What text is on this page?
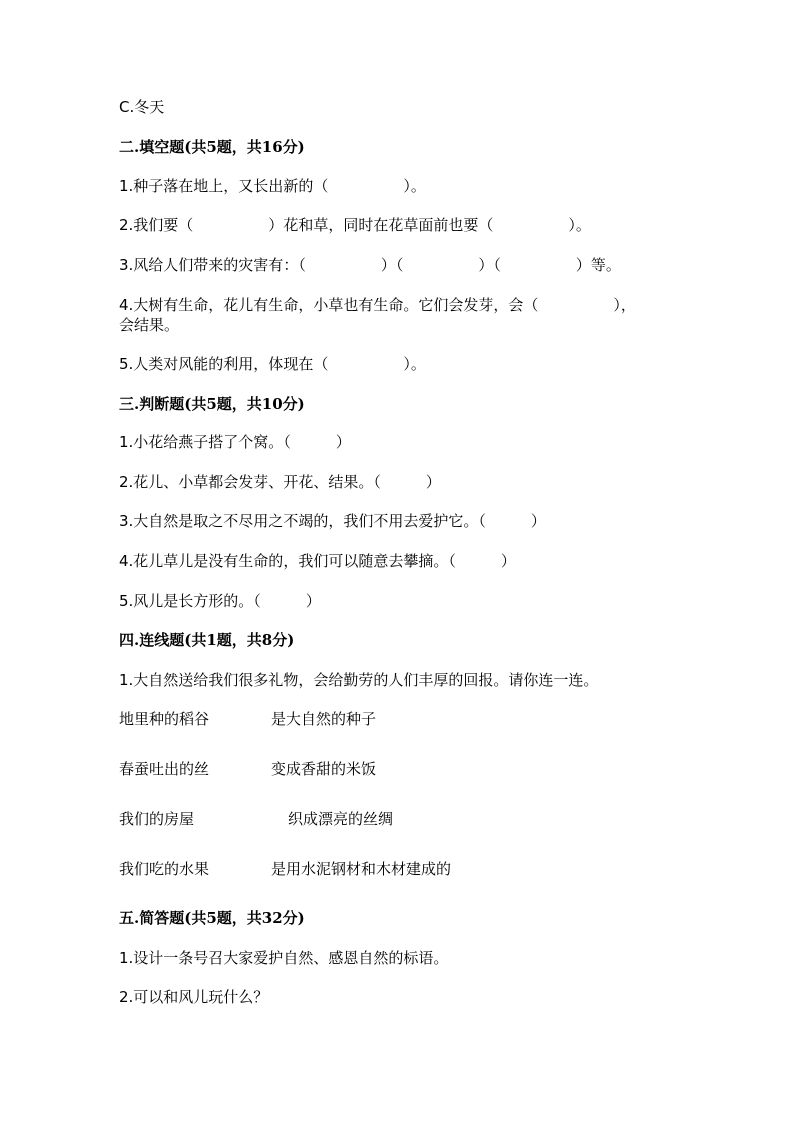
C.冬天
二.填空题(共5题，共16分)
1.种子落在地上，又长出新的（　　　　　）。
2.我们要（　　　　　）花和草，同时在花草面前也要（　　　　　）。
3.风给人们带来的灾害有：（　　　　　）（　　　　　）（　　　　　）等。
4.大树有生命，花儿有生命，小草也有生命。它们会发芽，会（　　　　　），
会结果。
5.人类对风能的利用，体现在（　　　　　）。
三.判断题(共5题，共10分)
1.小花给燕子搭了个窝。（　　　）
2.花儿、小草都会发芽、开花、结果。（　　　）
3.大自然是取之不尽用之不竭的，我们不用去爱护它。（　　　）
4.花儿草儿是没有生命的，我们可以随意去攀摘。（　　　）
5.风儿是长方形的。（　　　）
四.连线题(共1题，共8分)
1.大自然送给我们很多礼物，会给勤劳的人们丰厚的回报。请你连一连。
地里种的稻谷	是大自然的种子
春蚕吐出的丝	变成香甜的米饭
我们的房屋	织成漂亮的丝绸
我们吃的水果	是用水泥钢材和木材建成的
五.简答题(共5题，共32分)
1.设计一条号召大家爱护自然、感恩自然的标语。
2.可以和风儿玩什么？
